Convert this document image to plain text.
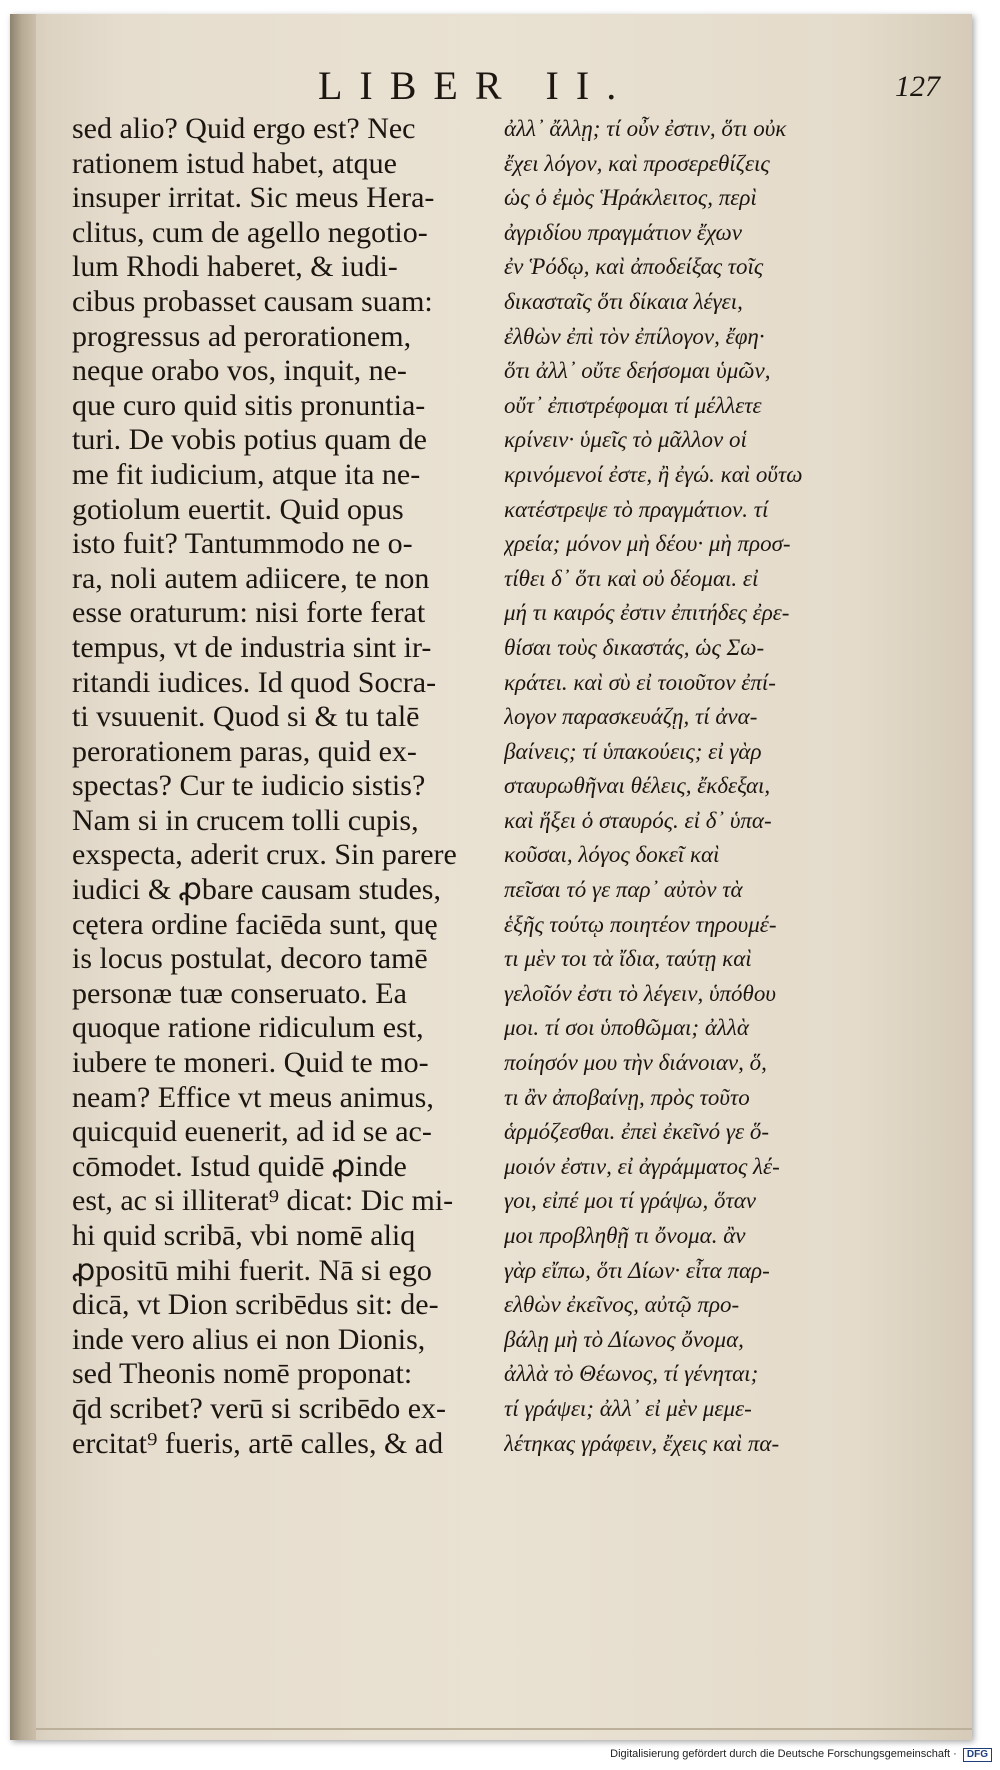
LIBER II.	127
sed alio? Quid ergo est? Nec
rationem istud habet, atque
insuper irritat. Sic meus Hera-
clitus, cum de agello negotio-
lum Rhodi haberet, & iudi-
cibus probasset causam suam:
progressus ad perorationem,
neque orabo vos, inquit, ne-
que curo quid sitis pronuntia-
turi. De vobis potius quam de
me fit iudicium, atque ita ne-
gotiolum euertit. Quid opus
isto fuit? Tantummodo ne o-
ra, noli autem adiicere, te non
esse oraturum: nisi forte ferat
tempus, vt de industria sint ir-
ritandi iudices. Id quod Socra-
ti vsuuenit. Quod si & tu talē
perorationem paras, quid ex-
spectas? Cur te iudicio sistis?
Nam si in crucem tolli cupis,
exspecta, aderit crux. Sin parere
iudici & ꝓbare causam studes,
cętera ordine faciēda sunt, quę
is locus postulat, decoro tamē
personæ tuæ conseruato. Ea
quoque ratione ridiculum est,
iubere te moneri. Quid te mo-
neam? Effice vt meus animus,
quicquid euenerit, ad id se ac-
cōmodet. Istud quidē ꝓinde
est, ac si illiterat⁹ dicat: Dic mi-
hi quid scribā, vbi nomē aliq
ꝓpositū mihi fuerit. Nā si ego
dicā, vt Dion scribēdus sit: de-
inde vero alius ei non Dionis,
sed Theonis nomē proponat:
q̄d scribet? verū si scribēdo ex-
ercitat⁹ fueris, artē calles, & ad
ἀλλ᾽ ἄλλῃ; τί οὖν ἐστιν, ὅτι οὐκ
ἔχει λόγον, καὶ προσερεθίζεις
ὡς ὁ ἐμὸς Ἡράκλειτος, περὶ
ἀγριδίου πραγμάτιον ἔχων
ἐν Ῥόδῳ, καὶ ἀποδείξας τοῖς
δικασταῖς ὅτι δίκαια λέγει,
ἐλθὼν ἐπὶ τὸν ἐπίλογον, ἔφη·
ὅτι ἀλλ᾽ οὔτε δεήσομαι ὑμῶν,
οὔτ᾽ ἐπιστρέφομαι τί μέλλετε
κρίνειν· ὑμεῖς τὸ μᾶλλον οἱ
κρινόμενοί ἐστε, ἢ ἐγώ. καὶ οὕτω
κατέστρεψε τὸ πραγμάτιον. τί
χρεία; μόνον μὴ δέου· μὴ προσ-
τίθει δ᾽ ὅτι καὶ οὐ δέομαι. εἰ
μή τι καιρός ἐστιν ἐπιτήδες ἐρε-
θίσαι τοὺς δικαστάς, ὡς Σω-
κράτει. καὶ σὺ εἰ τοιοῦτον ἐπί-
λογον παρασκευάζῃ, τί ἀνα-
βαίνεις; τί ὑπακούεις; εἰ γὰρ
σταυρωθῆναι θέλεις, ἔκδεξαι,
καὶ ἥξει ὁ σταυρός. εἰ δ᾽ ὑπα-
κοῦσαι, λόγος δοκεῖ καὶ
πεῖσαι τό γε παρ᾽ αὐτὸν τὰ
ἑξῆς τούτῳ ποιητέον τηρουμέ-
τι μὲν τοι τὰ ἴδια, ταύτῃ καὶ
γελοῖόν ἐστι τὸ λέγειν, ὑπόθου
μοι. τί σοι ὑποθῶμαι; ἀλλὰ
ποίησόν μου τὴν διάνοιαν, ὅ,
τι ἂν ἀποβαίνῃ, πρὸς τοῦτο
ἁρμόζεσθαι. ἐπεὶ ἐκεῖνό γε ὅ-
μοιόν ἐστιν, εἰ ἀγράμματος λέ-
γοι, εἰπέ μοι τί γράψω, ὅταν
μοι προβληθῇ τι ὄνομα. ἂν
γὰρ εἴπω, ὅτι Δίων· εἶτα παρ-
ελθὼν ἐκεῖνος, αὐτῷ προ-
βάλῃ μὴ τὸ Δίωνος ὄνομα,
ἀλλὰ τὸ Θέωνος, τί γένηται;
τί γράψει; ἀλλ᾽ εἰ μὲν μεμε-
λέτηκας γράφειν, ἔχεις καὶ πα-
Digitalisierung gefördert durch die Deutsche Forschungsgemeinschaft · DFG
